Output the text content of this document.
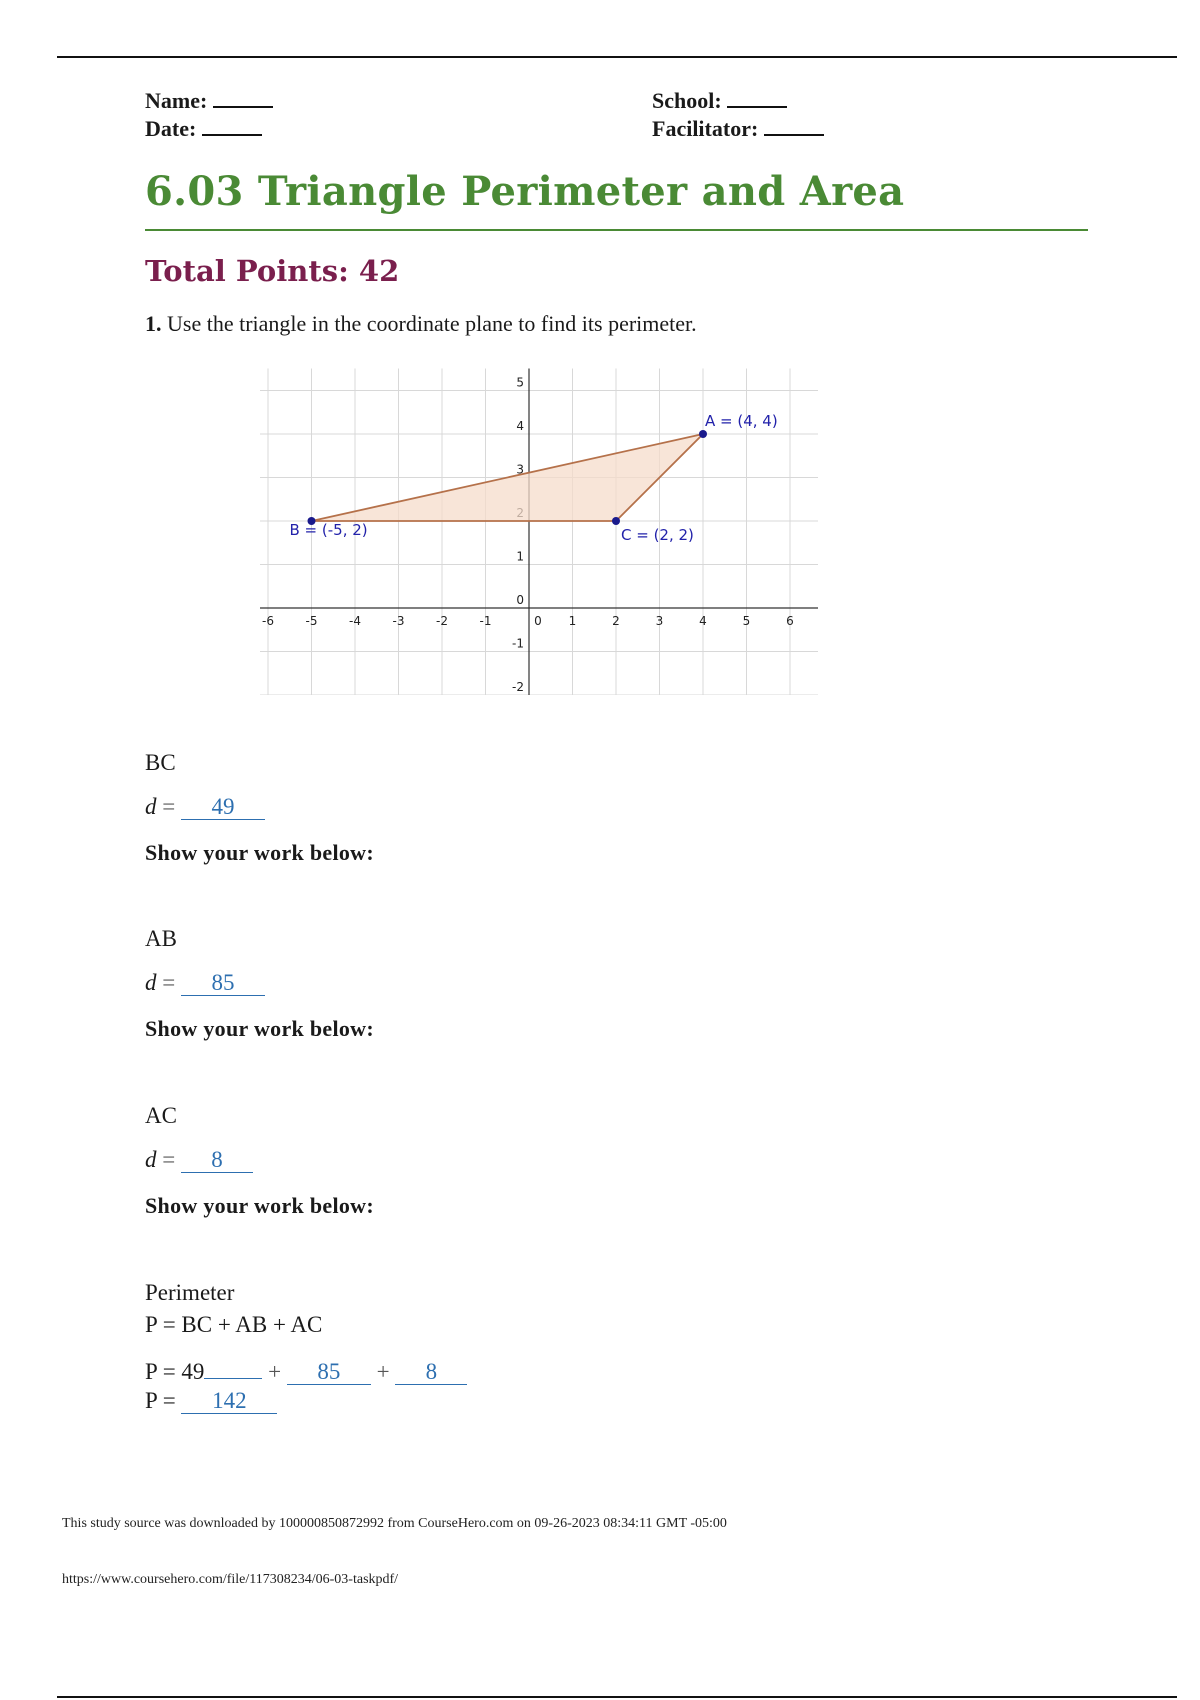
Name:
Date:
School:
Facilitator:
6.03 Triangle Perimeter and Area
Total Points: 42
1. Use the triangle in the coordinate plane to find its perimeter.
-6	-5	-4	-3	-2	-1	0 1	2	3	4	5	6
5
4
3
1
0
-1
-2
A = (4, 4)
B = (-5, 2)	C = (2, 2)
BC
d = 49
Show your work below:
AB
d = 85
Show your work below:
AC
d = 8
Show your work below:
Perimeter
P = BC + AB + AC
P = 49	+ 85 + 8
P = 142
This study source was downloaded by 100000850872992 from CourseHero.com on 09-26-2023 08:34:11 GMT -05:00
https://www.coursehero.com/file/117308234/06-03-taskpdf/
